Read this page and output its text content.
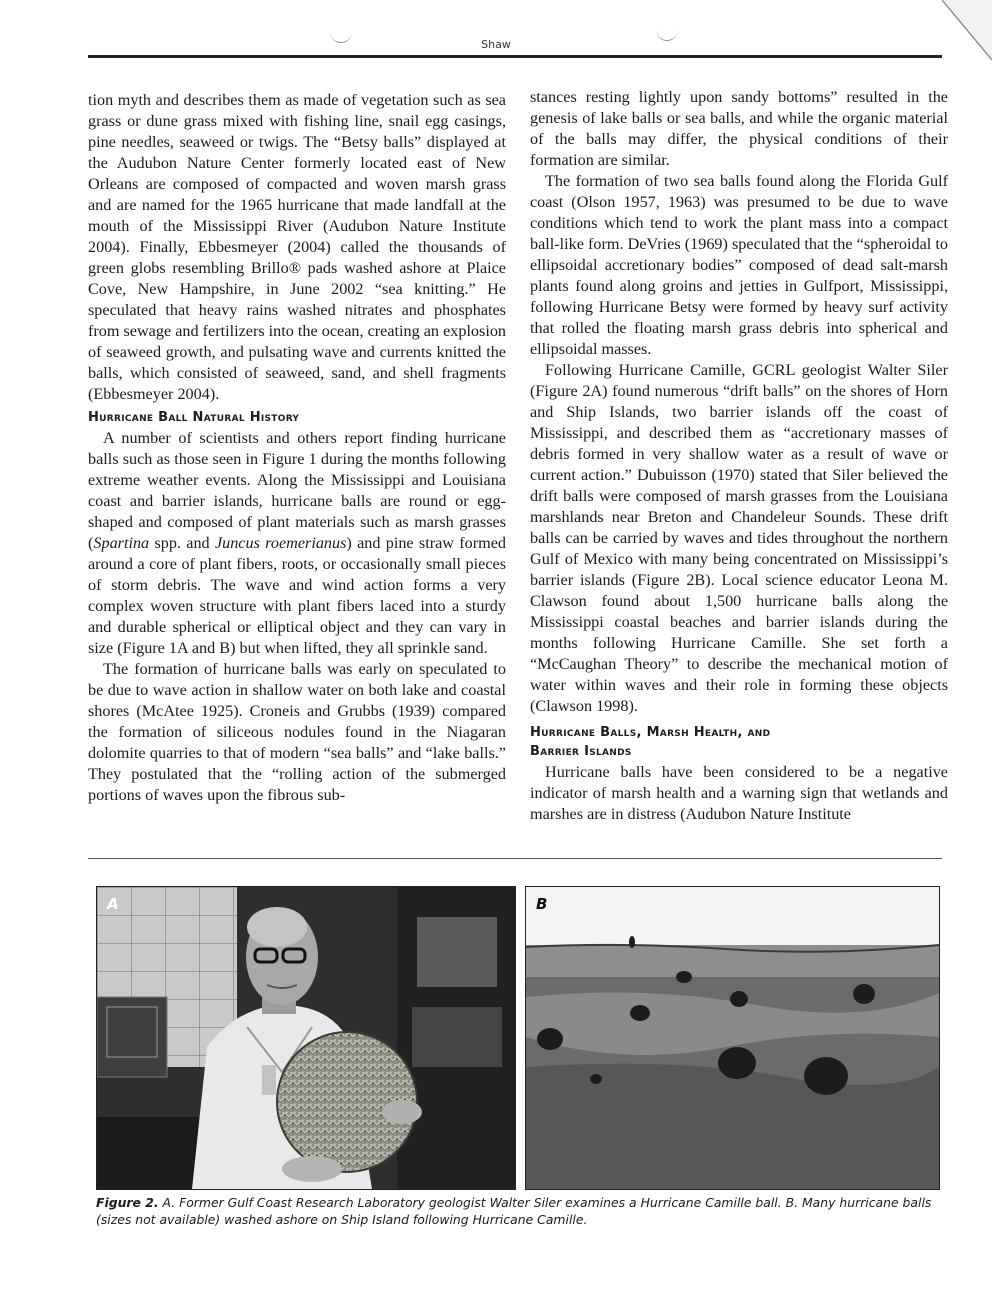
Shaw

tion myth and describes them as made of vegetation such as sea grass or dune grass mixed with fishing line, snail egg casings, pine needles, seaweed or twigs. The “Betsy balls” displayed at the Audubon Nature Center formerly located east of New Orleans are composed of compacted and woven marsh grass and are named for the 1965 hurricane that made landfall at the mouth of the Mississippi River (Audubon Nature Institute 2004). Finally, Ebbesmeyer (2004) called the thousands of green globs resembling Brillo® pads washed ashore at Plaice Cove, New Hampshire, in June 2002 “sea knitting.” He speculated that heavy rains washed nitrates and phosphates from sewage and fertilizers into the ocean, creating an explosion of seaweed growth, and pulsating wave and currents knitted the balls, which consisted of seaweed, sand, and shell fragments (Ebbesmeyer 2004).

Hurricane Ball Natural History

A number of scientists and others report finding hurricane balls such as those seen in Figure 1 during the months following extreme weather events. Along the Mississippi and Louisiana coast and barrier islands, hurricane balls are round or egg-shaped and composed of plant materials such as marsh grasses (Spartina spp. and Juncus roemerianus) and pine straw formed around a core of plant fibers, roots, or occasionally small pieces of storm debris. The wave and wind action forms a very complex woven structure with plant fibers laced into a sturdy and durable spherical or elliptical object and they can vary in size (Figure 1A and B) but when lifted, they all sprinkle sand.

The formation of hurricane balls was early on speculated to be due to wave action in shallow water on both lake and coastal shores (McAtee 1925). Croneis and Grubbs (1939) compared the formation of siliceous nodules found in the Niagaran dolomite quarries to that of modern “sea balls” and “lake balls.” They postulated that the “rolling action of the submerged portions of waves upon the fibrous sub-

stances resting lightly upon sandy bottoms” resulted in the genesis of lake balls or sea balls, and while the organic material of the balls may differ, the physical conditions of their formation are similar.

The formation of two sea balls found along the Florida Gulf coast (Olson 1957, 1963) was presumed to be due to wave conditions which tend to work the plant mass into a compact ball-like form. DeVries (1969) speculated that the “spheroidal to ellipsoidal accretionary bodies” composed of dead salt-marsh plants found along groins and jetties in Gulfport, Mississippi, following Hurricane Betsy were formed by heavy surf activity that rolled the floating marsh grass debris into spherical and ellipsoidal masses.

Following Hurricane Camille, GCRL geologist Walter Siler (Figure 2A) found numerous “drift balls” on the shores of Horn and Ship Islands, two barrier islands off the coast of Mississippi, and described them as “accretionary masses of debris formed in very shallow water as a result of wave or current action.” Dubuisson (1970) stated that Siler believed the drift balls were composed of marsh grasses from the Louisiana marshlands near Breton and Chandeleur Sounds. These drift balls can be carried by waves and tides throughout the northern Gulf of Mexico with many being concentrated on Mississippi’s barrier islands (Figure 2B). Local science educator Leona M. Clawson found about 1,500 hurricane balls along the Mississippi coastal beaches and barrier islands during the months following Hurricane Camille. She set forth a “McCaughan Theory” to describe the mechanical motion of water within waves and their role in forming these objects (Clawson 1998).

Hurricane Balls, Marsh Health, and
Barrier Islands

Hurricane balls have been considered to be a negative indicator of marsh health and a warning sign that wetlands and marshes are in distress (Audubon Nature Institute

A	B
Figure 2. A. Former Gulf Coast Research Laboratory geologist Walter Siler examines a Hurricane Camille ball. B. Many hurricane balls (sizes not available) washed ashore on Ship Island following Hurricane Camille.
